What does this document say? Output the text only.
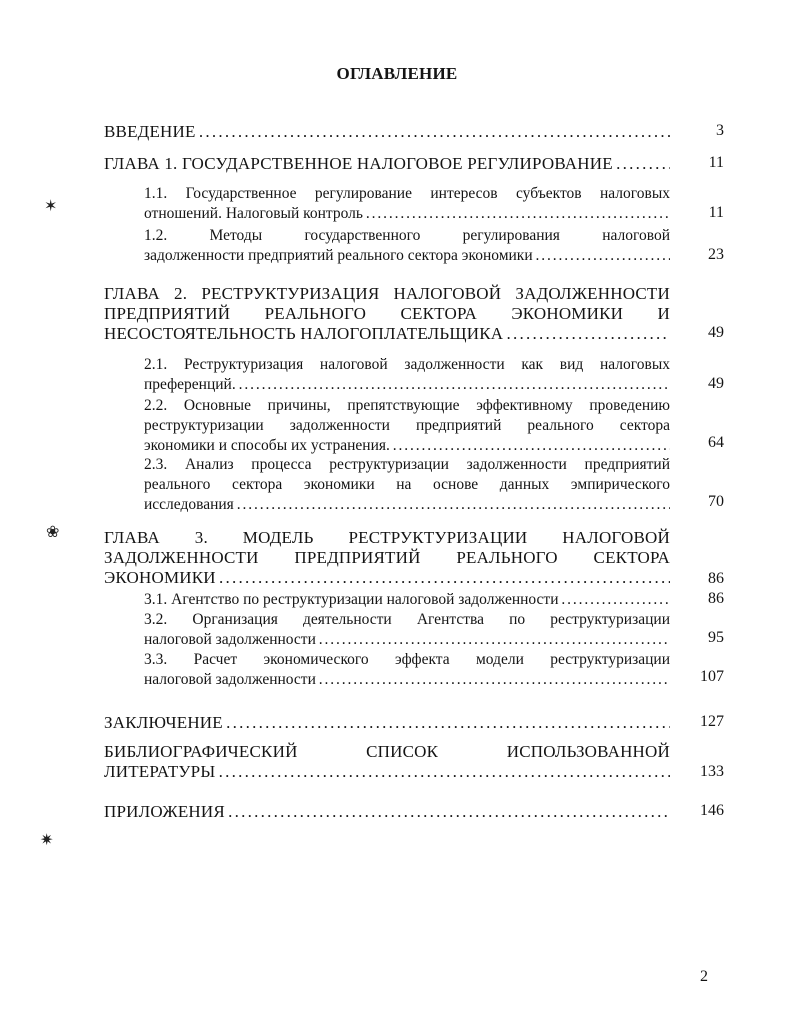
ОГЛАВЛЕНИЕ
ВВЕДЕНИЕ . . .	3
ГЛАВА 1. ГОСУДАРСТВЕННОЕ НАЛОГОВОЕ РЕГУЛИРОВАНИЕ . . .	11
1.1. Государственное регулирование интересов субъектов налоговых
отношений. Налоговый контроль . . .	11
1.2. Методы государственного регулирования налоговой
задолженности предприятий реального сектора экономики . . .	23
ГЛАВА 2. РЕСТРУКТУРИЗАЦИЯ НАЛОГОВОЙ ЗАДОЛЖЕННОСТИ
ПРЕДПРИЯТИЙ РЕАЛЬНОГО СЕКТОРА ЭКОНОМИКИ И
НЕСОСТОЯТЕЛЬНОСТЬ НАЛОГОПЛАТЕЛЬЩИКА . . .	49
2.1. Реструктуризация налоговой задолженности как вид налоговых
преференций. . . .	49
2.2. Основные причины, препятствующие эффективному проведению
реструктуризации задолженности предприятий реального сектора
экономики и способы их устранения. . . .	64
2.3. Анализ процесса реструктуризации задолженности предприятий
реального сектора экономики на основе данных эмпирического
исследования . . .	70
ГЛАВА 3. МОДЕЛЬ РЕСТРУКТУРИЗАЦИИ НАЛОГОВОЙ
ЗАДОЛЖЕННОСТИ ПРЕДПРИЯТИЙ РЕАЛЬНОГО СЕКТОРА
ЭКОНОМИКИ . . .	86
3.1. Агентство по реструктуризации налоговой задолженности . . .	86
3.2. Организация деятельности Агентства по реструктуризации
налоговой задолженности . . .	95
3.3. Расчет экономического эффекта модели реструктуризации
налоговой задолженности . . .	107
ЗАКЛЮЧЕНИЕ . . .	127
БИБЛИОГРАФИЧЕСКИЙ СПИСОК ИСПОЛЬЗОВАННОЙ
ЛИТЕРАТУРЫ . . .	133
ПРИЛОЖЕНИЯ . . .	146
✶
❀
✷
2
